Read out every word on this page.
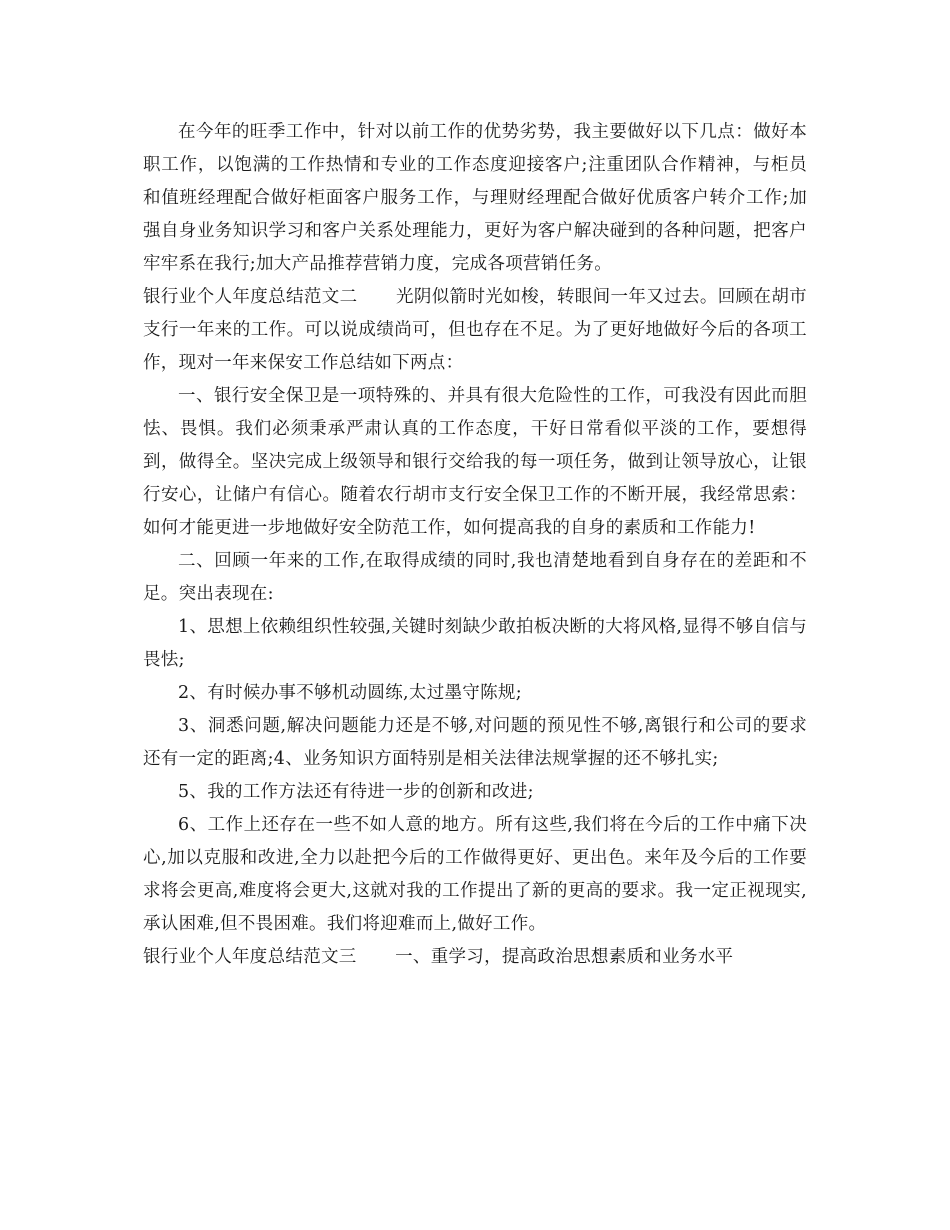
在今年的旺季工作中，针对以前工作的优势劣势，我主要做好以下几点：做好本职工作，以饱满的工作热情和专业的工作态度迎接客户;注重团队合作精神，与柜员和值班经理配合做好柜面客户服务工作，与理财经理配合做好优质客户转介工作;加强自身业务知识学习和客户关系处理能力，更好为客户解决碰到的各种问题，把客户牢牢系在我行;加大产品推荐营销力度，完成各项营销任务。

银行业个人年度总结范文二 光阴似箭时光如梭，转眼间一年又过去。回顾在胡市支行一年来的工作。可以说成绩尚可，但也存在不足。为了更好地做好今后的各项工作，现对一年来保安工作总结如下两点：

一、银行安全保卫是一项特殊的、并具有很大危险性的工作，可我没有因此而胆怯、畏惧。我们必须秉承严肃认真的工作态度，干好日常看似平淡的工作，要想得到，做得全。坚决完成上级领导和银行交给我的每一项任务，做到让领导放心，让银行安心，让储户有信心。随着农行胡市支行安全保卫工作的不断开展，我经常思索：如何才能更进一步地做好安全防范工作，如何提高我的自身的素质和工作能力!

二、回顾一年来的工作,在取得成绩的同时,我也清楚地看到自身存在的差距和不足。突出表现在:

1、思想上依赖组织性较强,关键时刻缺少敢拍板决断的大将风格,显得不够自信与畏怯;

2、有时候办事不够机动圆练,太过墨守陈规;

3、洞悉问题,解决问题能力还是不够,对问题的预见性不够,离银行和公司的要求还有一定的距离;4、业务知识方面特别是相关法律法规掌握的还不够扎实;

5、我的工作方法还有待进一步的创新和改进;

6、工作上还存在一些不如人意的地方。所有这些,我们将在今后的工作中痛下决心,加以克服和改进,全力以赴把今后的工作做得更好、更出色。来年及今后的工作要求将会更高,难度将会更大,这就对我的工作提出了新的更高的要求。我一定正视现实,承认困难,但不畏困难。我们将迎难而上,做好工作。

银行业个人年度总结范文三 一、重学习，提高政治思想素质和业务水平
